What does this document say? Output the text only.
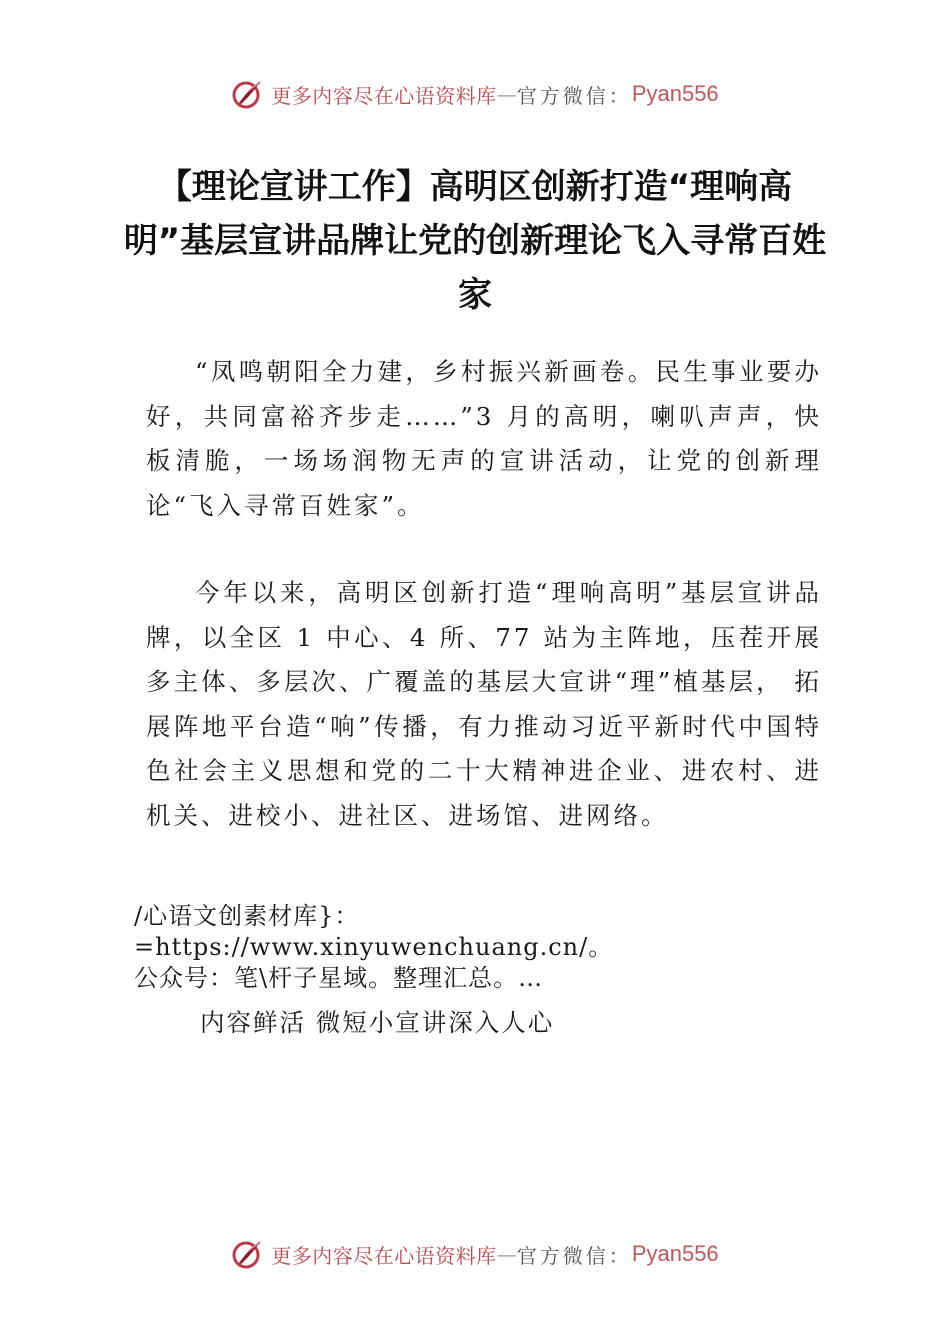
更多内容尽在心语资料库 — 官方微信： Pyan556
【理论宣讲工作】高明区创新打造“理响高明”基层宣讲品牌让党的创新理论飞入寻常百姓家

“凤鸣朝阳全力建，乡村振兴新画卷。民生事业要办好，共同富裕齐步走……”3 月的高明，喇叭声声，快板清脆，一场场润物无声的宣讲活动，让党的创新理论“飞入寻常百姓家”。

今年以来，高明区创新打造“理响高明”基层宣讲品牌，以全区 1 中心、4 所、77 站为主阵地，压茬开展多主体、多层次、广覆盖的基层大宣讲“理”植基层， 拓展阵地平台造“响”传播，有力推动习近平新时代中国特色社会主义思想和党的二十大精神进企业、进农村、进机关、进校⼩、进社区、进场馆、进网络。

/心语文创素材库}：=https://www.xinyuwenchuang.cn/。
公众号：笔\杆子星域。整理汇总。…

内容鲜活 微短小宣讲深入人心

更多内容尽在心语资料库 — 官方微信： Pyan556
